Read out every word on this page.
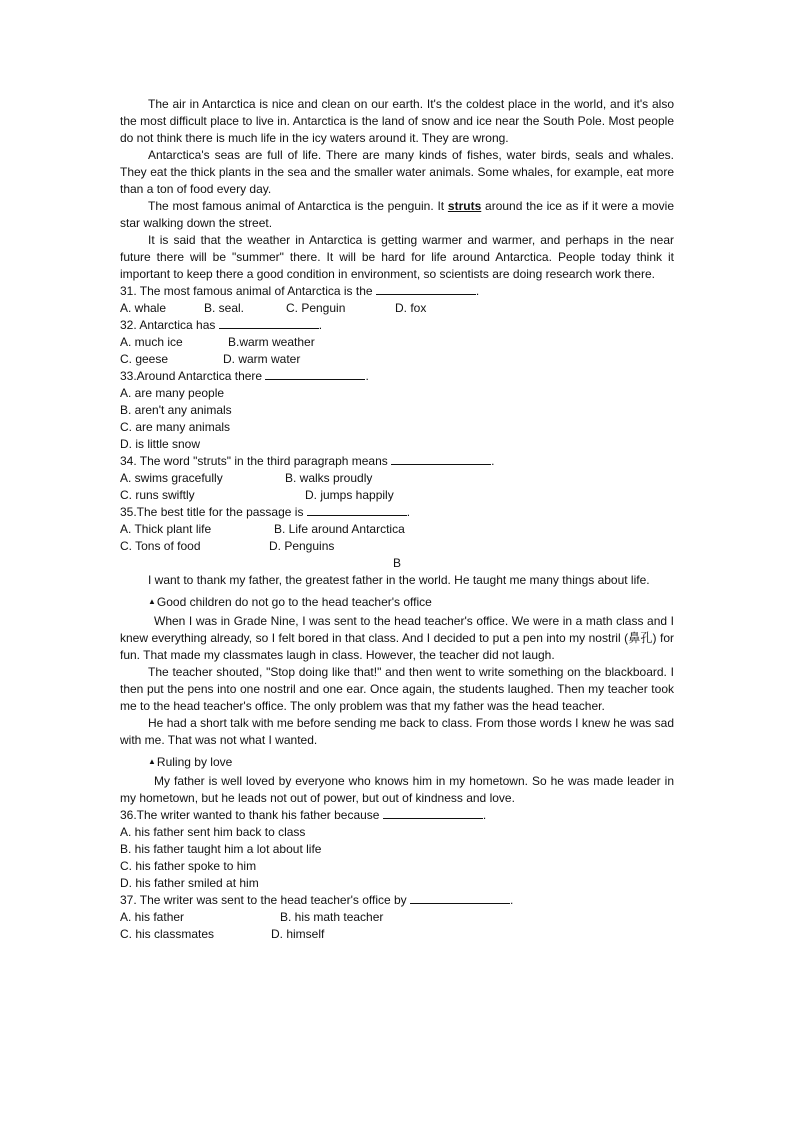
The air in Antarctica is nice and clean on our earth. It's the coldest place in the world, and it's also the most difficult place to live in. Antarctica is the land of snow and ice near the South Pole. Most people do not think there is much life in the icy waters around it. They are wrong.

Antarctica's seas are full of life. There are many kinds of fishes, water birds, seals and whales. They eat the thick plants in the sea and the smaller water animals. Some whales, for example, eat more than a ton of food every day.

The most famous animal of Antarctica is the penguin. It struts around the ice as if it were a movie star walking down the street.

It is said that the weather in Antarctica is getting warmer and warmer, and perhaps in the near future there will be "summer" there. It will be hard for life around Antarctica. People today think it important to keep there a good condition in environment, so scientists are doing research work there.

31. The most famous animal of Antarctica is the	.

A. whale	B. seal.	C. Penguin	D. fox

32. Antarctica has	.

A. much ice	B.warm weather
C. geese	D. warm water

33.Around Antarctica there	.

A. are many people

B. aren't any animals

C. are many animals

D. is little snow

34. The word "struts" in the third paragraph means	.

A. swims gracefully	B. walks proudly
C. runs swiftly	D. jumps happily

35.The best title for the passage is	.

A. Thick plant life	B. Life around Antarctica
C. Tons of food	D. Penguins

B

I want to thank my father, the greatest father in the world. He taught me many things about life.

▲Good children do not go to the head teacher's office

When I was in Grade Nine, I was sent to the head teacher's office. We were in a math class and I knew everything already, so I felt bored in that class. And I decided to put a pen into my nostril (鼻孔) for fun. That made my classmates laugh in class. However, the teacher did not laugh.

The teacher shouted, "Stop doing like that!" and then went to write something on the blackboard. I then put the pens into one nostril and one ear. Once again, the students laughed. Then my teacher took me to the head teacher's office. The only problem was that my father was the head teacher.

He had a short talk with me before sending me back to class. From those words I knew he was sad with me. That was not what I wanted.

▲Ruling by love

My father is well loved by everyone who knows him in my hometown. So he was made leader in my hometown, but he leads not out of power, but out of kindness and love.

36.The writer wanted to thank his father because	.

A. his father sent him back to class

B. his father taught him a lot about life

C. his father spoke to him

D. his father smiled at him

37. The writer was sent to the head teacher's office by	.

A. his father	B. his math teacher
C. his classmates	D. himself
